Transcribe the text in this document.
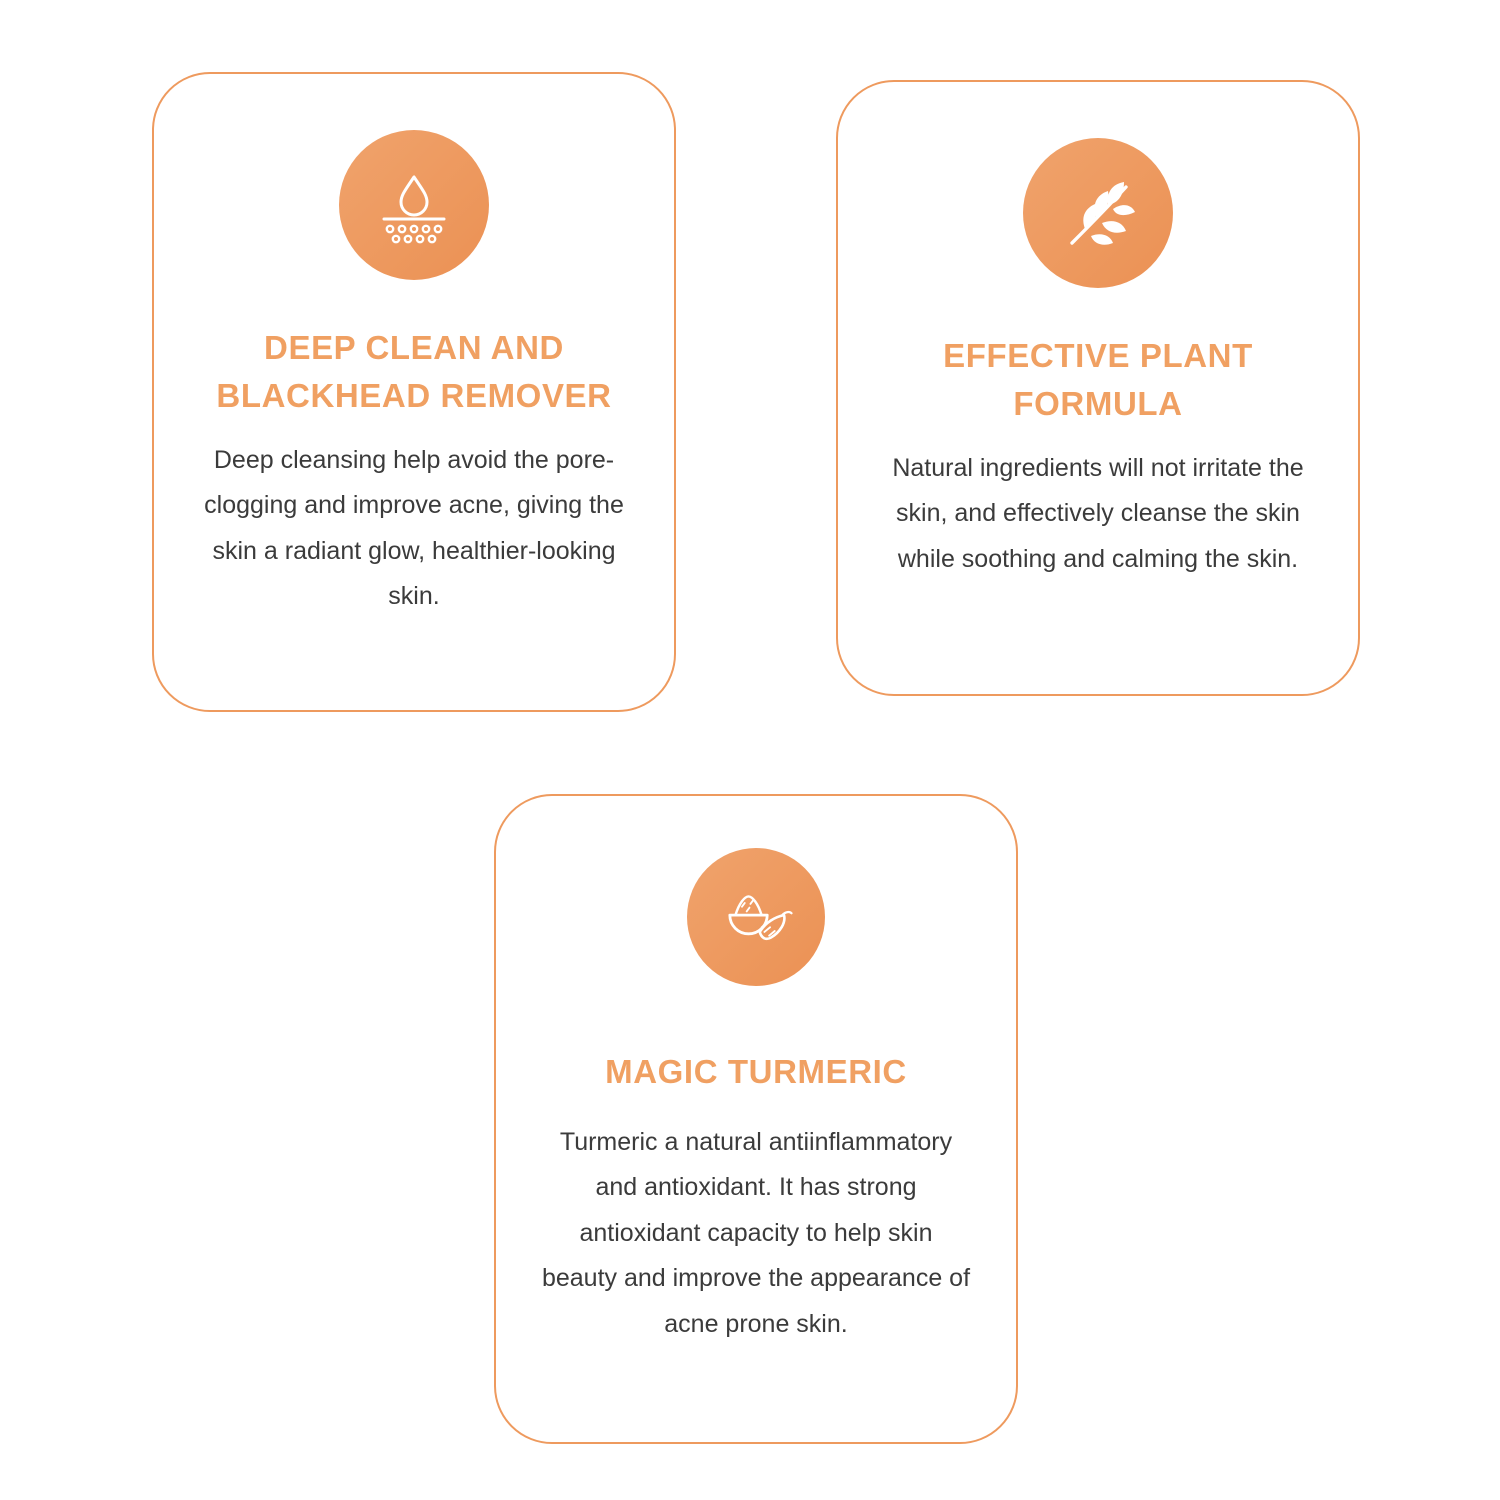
DEEP CLEAN AND BLACKHEAD REMOVER
Deep cleansing help avoid the pore-clogging and improve acne, giving the skin a radiant glow, healthier-looking skin.
EFFECTIVE PLANT FORMULA
Natural ingredients will not irritate the skin, and effectively cleanse the skin while soothing and calming the skin.
MAGIC TURMERIC
Turmeric a natural antiinflammatory and antioxidant. It has strong antioxidant capacity to help skin beauty and improve the appearance of acne prone skin.
